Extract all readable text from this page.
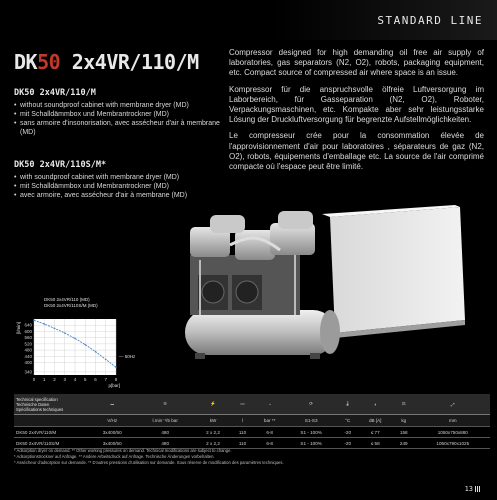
STANDARD LINE
DK50 2x4VR/110/M
DK50 2x4VR/110/M
• without soundproof cabinet with membrane dryer (MD)
• mit Schalldämmbox und Membrantrockner (MD)
• sans armoire d'insonorisation, avec assécheur d'air à membrane (MD)
DK50 2x4VR/110S/M*
• with soundproof cabinet with membrane dryer (MD)
• mit Schalldämmbox und Membrantrockner (MD)
• avec armoire, avec assécheur d'air à membrane (MD)

Compressor designed for high demanding oil free air supply of laboratories, gas separators (N2, O2), robots, packaging equipment, etc. Compact source of compressed air where space is an issue.

Kompressor für die anspruchsvolle ölfreie Luftversorgung im Laborbereich, für Gasseparation (N2, O2), Roboter, Verpackungsmaschinen, etc. Kompakte aber sehr leistungsstarke Lösung der Druckluftversorgung für begrenzte Aufstellmöglichkeiten.

Le compresseur crée pour la consommation élevée de l'approvisionnement d'air pour laboratoires , séparateurs de gaz (N2, O2), robots, équipements d'emballage etc. La source de l'air comprimé compacte où l'espace peut être limité.

340
400
440
480
520
560
600
640
0 1 2 3 4 5 6 7 8
DK50 2x4VR/110 (MD)
DK50 2x4VR/110S/M (MD)
[l/min]
p[bar]
— 50Hz
Technical specification
Technische Daten
Spécifications techniques	⎓	≋	⚡	▭	◔	⟳	🌡	◖	⚖	⤢
	V/Hz	l.min⁻¹/5 bar	kW	l	bar **	S1-S3	°C	dB [A]	kg	mm
DK50 2x4VR/110/M	3x400/50	480	2 x 2,2	110	6-8	S1 - 100%	-20	≤ 77	158	1050x750x880
DK50 2x4VR/110S/M	3x400/50	480	2 x 2,2	110	6-8	S1 - 100%	-20	≤ 58	249	1060x790x1025
* Adsorption dryer on demand. ** Other working pressures on demand. Technical modifications are subject to change.
* Adsorptionstrockner auf Anfrage. ** Andere Arbeitsdruck auf Anfrage. Technische Änderungen vorbehalten.
* Assécheur d'adsorption sur demande. ** D'autres pressions d'utilisation sur demande. Sous réserve de modification des paramètres techniques.
13
